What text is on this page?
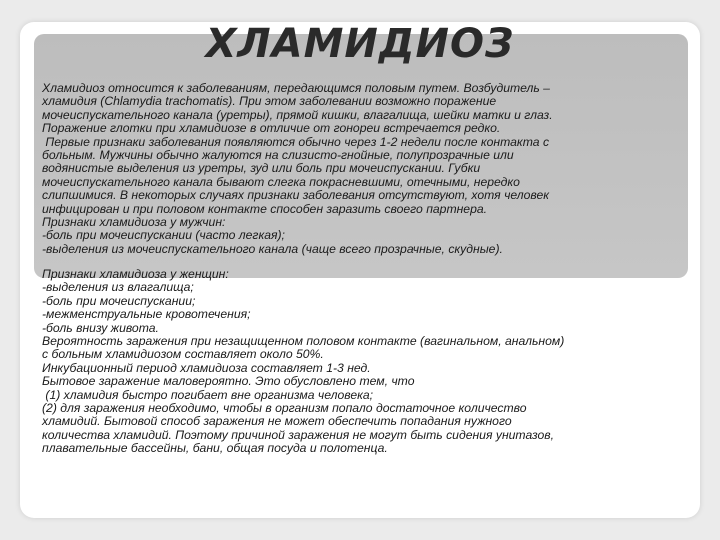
ХЛАМИДИОЗ

Хламидиоз относится к заболеваниям, передающимся половым путем. Возбудитель –

хламидия (Chlamydia trachomatis). При этом заболевании возможно поражение

мочеиспускательного канала (уретры), прямой кишки, влагалища, шейки матки и глаз.

Поражение глотки при хламидиозе в отличие от гонореи встречается редко.

Первые признаки заболевания появляются обычно через 1-2 недели после контакта с

больным. Мужчины обычно жалуются на слизисто-гнойные, полупрозрачные или

водянистые выделения из уретры, зуд или боль при мочеиспускании. Губки

мочеиспускательного канала бывают слегка покрасневшими, отечными, нередко

слипшимися. В некоторых случаях признаки заболевания отсутствуют, хотя человек

инфицирован и при половом контакте способен заразить своего партнера.

Признаки хламидиоза у мужчин:

-боль при мочеиспускании (часто легкая);

-выделения из мочеиспускательного канала (чаще всего прозрачные, скудные).

Признаки хламидиоза у женщин:

-выделения из влагалища;

-боль при мочеиспускании;

-межменструальные кровотечения;

-боль внизу живота.

Вероятность заражения при незащищенном половом контакте (вагинальном, анальном)

с больным хламидиозом составляет около 50%.

Инкубационный период хламидиоза составляет 1-3 нед.

Бытовое заражение маловероятно. Это обусловлено тем, что

(1) хламидия быстро погибает вне организма человека;

(2) для заражения необходимо, чтобы в организм попало достаточное количество

хламидий. Бытовой способ заражения не может обеспечить попадания нужного

количества хламидий. Поэтому причиной заражения не могут быть сидения унитазов,

плавательные бассейны, бани, общая посуда и полотенца.
